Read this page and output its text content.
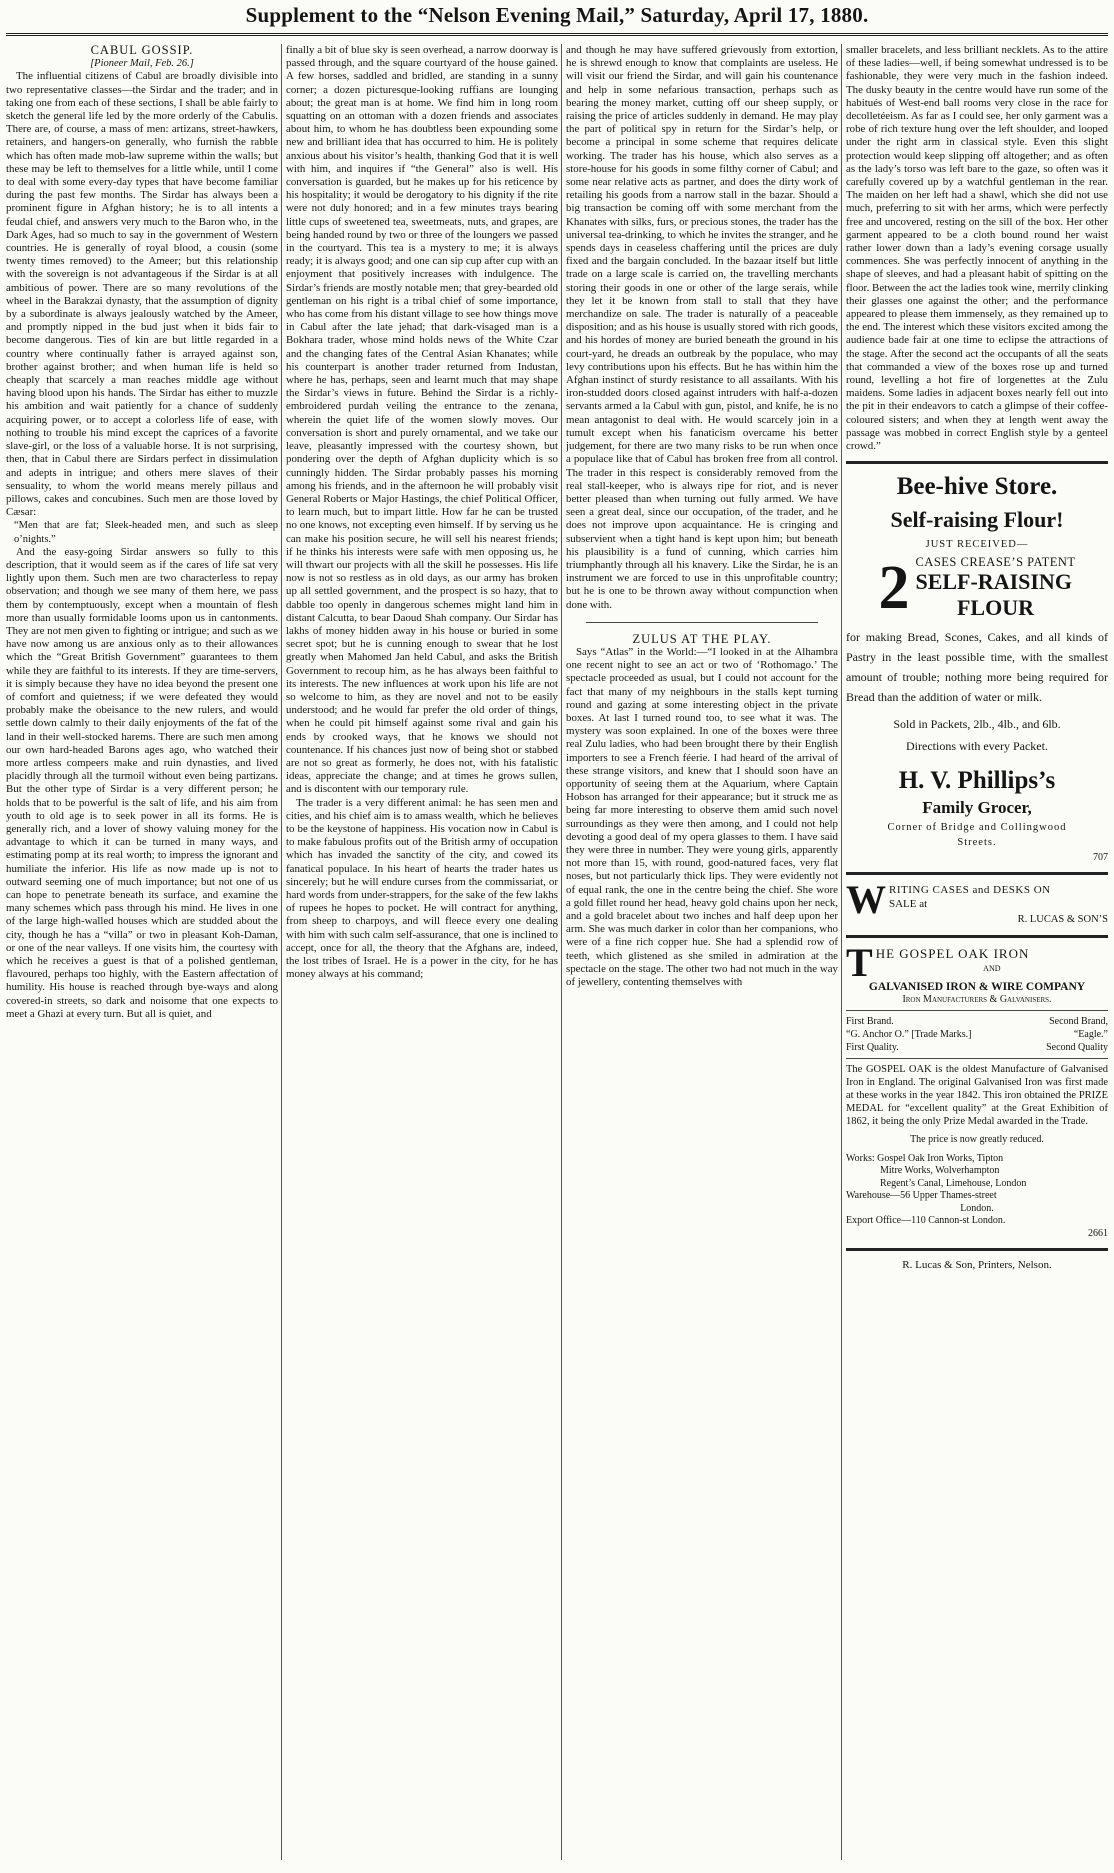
Supplement to the “Nelson Evening Mail,” Saturday, April 17, 1880.

CABUL GOSSIP.

[Pioneer Mail, Feb. 26.]

The influential citizens of Cabul are broadly divisible into two representative classes—the Sirdar and the trader; and in taking one from each of these sections, I shall be able fairly to sketch the general life led by the more orderly of the Cabulis. There are, of course, a mass of men: artizans, street-hawkers, retainers, and hangers-on generally, who furnish the rabble which has often made mob-law supreme within the walls; but these may be left to themselves for a little while, until I come to deal with some every-day types that have become familiar during the past few months. The Sirdar has always been a prominent figure in Afghan history; he is to all intents a feudal chief, and answers very much to the Baron who, in the Dark Ages, had so much to say in the government of Western countries. He is generally of royal blood, a cousin (some twenty times removed) to the Ameer; but this relationship with the sovereign is not advantageous if the Sirdar is at all ambitious of power. There are so many revolutions of the wheel in the Barakzai dynasty, that the assumption of dignity by a subordinate is always jealously watched by the Ameer, and promptly nipped in the bud just when it bids fair to become dangerous. Ties of kin are but little regarded in a country where continually father is arrayed against son, brother against brother; and when human life is held so cheaply that scarcely a man reaches middle age without having blood upon his hands. The Sirdar has either to muzzle his ambition and wait patiently for a chance of suddenly acquiring power, or to accept a colorless life of ease, with nothing to trouble his mind except the caprices of a favorite slave-girl, or the loss of a valuable horse. It is not surprising, then, that in Cabul there are Sirdars perfect in dissimulation and adepts in intrigue; and others mere slaves of their sensuality, to whom the world means merely pillaus and pillows, cakes and concubines. Such men are those loved by Cæsar:

“Men that are fat; Sleek-headed men, and such as sleep o’nights.”

And the easy-going Sirdar answers so fully to this description, that it would seem as if the cares of life sat very lightly upon them. Such men are two characterless to repay observation; and though we see many of them here, we pass them by contemptuously, except when a mountain of flesh more than usually formidable looms upon us in cantonments. They are not men given to fighting or intrigue; and such as we have now among us are anxious only as to their allowances which the “Great British Government” guarantees to them while they are faithful to its interests. If they are time-servers, it is simply because they have no idea beyond the present one of comfort and quietness; if we were defeated they would probably make the obeisance to the new rulers, and would settle down calmly to their daily enjoyments of the fat of the land in their well-stocked harems. There are such men among our own hard-headed Barons ages ago, who watched their more artless compeers make and ruin dynasties, and lived placidly through all the turmoil without even being partizans. But the other type of Sirdar is a very different person; he holds that to be powerful is the salt of life, and his aim from youth to old age is to seek power in all its forms. He is generally rich, and a lover of showy valuing money for the advantage to which it can be turned in many ways, and estimating pomp at its real worth; to impress the ignorant and humiliate the inferior. His life as now made up is not to outward seeming one of much importance; but not one of us can hope to penetrate beneath its surface, and examine the many schemes which pass through his mind. He lives in one of the large high-walled houses which are studded about the city, though he has a “villa” or two in pleasant Koh-Daman, or one of the near valleys. If one visits him, the courtesy with which he receives a guest is that of a polished gentleman, flavoured, perhaps too highly, with the Eastern affectation of humility. His house is reached through bye-ways and along covered-in streets, so dark and noisome that one expects to meet a Ghazi at every turn. But all is quiet, and

finally a bit of blue sky is seen overhead, a narrow doorway is passed through, and the square courtyard of the house gained. A few horses, saddled and bridled, are standing in a sunny corner; a dozen picturesque-looking ruffians are lounging about; the great man is at home. We find him in long room squatting on an ottoman with a dozen friends and associates about him, to whom he has doubtless been expounding some new and brilliant idea that has occurred to him. He is politely anxious about his visitor’s health, thanking God that it is well with him, and inquires if “the General” also is well. His conversation is guarded, but he makes up for his reticence by his hospitality; it would be derogatory to his dignity if the rite were not duly honored; and in a few minutes trays bearing little cups of sweetened tea, sweetmeats, nuts, and grapes, are being handed round by two or three of the loungers we passed in the courtyard. This tea is a mystery to me; it is always ready; it is always good; and one can sip cup after cup with an enjoyment that positively increases with indulgence. The Sirdar’s friends are mostly notable men; that grey-bearded old gentleman on his right is a tribal chief of some importance, who has come from his distant village to see how things move in Cabul after the late jehad; that dark-visaged man is a Bokhara trader, whose mind holds news of the White Czar and the changing fates of the Central Asian Khanates; while his counterpart is another trader returned from Industan, where he has, perhaps, seen and learnt much that may shape the Sirdar’s views in future. Behind the Sirdar is a richly-embroidered purdah veiling the entrance to the zenana, wherein the quiet life of the women slowly moves. Our conversation is short and purely ornamental, and we take our leave, pleasantly impressed with the courtesy shown, but pondering over the depth of Afghan duplicity which is so cunningly hidden. The Sirdar probably passes his morning among his friends, and in the afternoon he will probably visit General Roberts or Major Hastings, the chief Political Officer, to learn much, but to impart little. How far he can be trusted no one knows, not excepting even himself. If by serving us he can make his position secure, he will sell his nearest friends; if he thinks his interests were safe with men opposing us, he will thwart our projects with all the skill he possesses. His life now is not so restless as in old days, as our army has broken up all settled government, and the prospect is so hazy, that to dabble too openly in dangerous schemes might land him in distant Calcutta, to bear Daoud Shah company. Our Sirdar has lakhs of money hidden away in his house or buried in some secret spot; but he is cunning enough to swear that he lost greatly when Mahomed Jan held Cabul, and asks the British Government to recoup him, as he has always been faithful to its interests. The new influences at work upon his life are not so welcome to him, as they are novel and not to be easily understood; and he would far prefer the old order of things, when he could pit himself against some rival and gain his ends by crooked ways, that he knows we should not countenance. If his chances just now of being shot or stabbed are not so great as formerly, he does not, with his fatalistic ideas, appreciate the change; and at times he grows sullen, and is discontent with our temporary rule.

The trader is a very different animal: he has seen men and cities, and his chief aim is to amass wealth, which he believes to be the keystone of happiness. His vocation now in Cabul is to make fabulous profits out of the British army of occupation which has invaded the sanctity of the city, and cowed its fanatical populace. In his heart of hearts the trader hates us sincerely; but he will endure curses from the commissariat, or hard words from under-strappers, for the sake of the few lakhs of rupees he hopes to pocket. He will contract for anything, from sheep to charpoys, and will fleece every one dealing with him with such calm self-assurance, that one is inclined to accept, once for all, the theory that the Afghans are, indeed, the lost tribes of Israel. He is a power in the city, for he has money always at his command;

and though he may have suffered grievously from extortion, he is shrewd enough to know that complaints are useless. He will visit our friend the Sirdar, and will gain his countenance and help in some nefarious transaction, perhaps such as bearing the money market, cutting off our sheep supply, or raising the price of articles suddenly in demand. He may play the part of political spy in return for the Sirdar’s help, or become a principal in some scheme that requires delicate working. The trader has his house, which also serves as a store-house for his goods in some filthy corner of Cabul; and some near relative acts as partner, and does the dirty work of retailing his goods from a narrow stall in the bazar. Should a big transaction be coming off with some merchant from the Khanates with silks, furs, or precious stones, the trader has the universal tea-drinking, to which he invites the stranger, and he spends days in ceaseless chaffering until the prices are duly fixed and the bargain concluded. In the bazaar itself but little trade on a large scale is carried on, the travelling merchants storing their goods in one or other of the large serais, while they let it be known from stall to stall that they have merchandize on sale. The trader is naturally of a peaceable disposition; and as his house is usually stored with rich goods, and his hordes of money are buried beneath the ground in his court-yard, he dreads an outbreak by the populace, who may levy contributions upon his effects. But he has within him the Afghan instinct of sturdy resistance to all assailants. With his iron-studded doors closed against intruders with half-a-dozen servants armed a la Cabul with gun, pistol, and knife, he is no mean antagonist to deal with. He would scarcely join in a tumult except when his fanaticism overcame his better judgement, for there are two many risks to be run when once a populace like that of Cabul has broken free from all control. The trader in this respect is considerably removed from the real stall-keeper, who is always ripe for riot, and is never better pleased than when turning out fully armed. We have seen a great deal, since our occupation, of the trader, and he does not improve upon acquaintance. He is cringing and subservient when a tight hand is kept upon him; but beneath his plausibility is a fund of cunning, which carries him triumphantly through all his knavery. Like the Sirdar, he is an instrument we are forced to use in this unprofitable country; but he is one to be thrown away without compunction when done with.

ZULUS AT THE PLAY.

Says “Atlas” in the World:—“I looked in at the Alhambra one recent night to see an act or two of ‘Rothomago.’ The spectacle proceeded as usual, but I could not account for the fact that many of my neighbours in the stalls kept turning round and gazing at some interesting object in the private boxes. At last I turned round too, to see what it was. The mystery was soon explained. In one of the boxes were three real Zulu ladies, who had been brought there by their English importers to see a French féerie. I had heard of the arrival of these strange visitors, and knew that I should soon have an opportunity of seeing them at the Aquarium, where Captain Hobson has arranged for their appearance; but it struck me as being far more interesting to observe them amid such novel surroundings as they were then among, and I could not help devoting a good deal of my opera glasses to them. I have said they were three in number. They were young girls, apparently not more than 15, with round, good-natured faces, very flat noses, but not particularly thick lips. They were evidently not of equal rank, the one in the centre being the chief. She wore a gold fillet round her head, heavy gold chains upon her neck, and a gold bracelet about two inches and half deep upon her arm. She was much darker in color than her companions, who were of a fine rich copper hue. She had a splendid row of teeth, which glistened as she smiled in admiration at the spectacle on the stage. The other two had not much in the way of jewellery, contenting themselves with

smaller bracelets, and less brilliant necklets. As to the attire of these ladies—well, if being somewhat undressed is to be fashionable, they were very much in the fashion indeed. The dusky beauty in the centre would have run some of the habitués of West-end ball rooms very close in the race for decolletéeism. As far as I could see, her only garment was a robe of rich texture hung over the left shoulder, and looped under the right arm in classical style. Even this slight protection would keep slipping off altogether; and as often as the lady’s torso was left bare to the gaze, so often was it carefully covered up by a watchful gentleman in the rear. The maiden on her left had a shawl, which she did not use much, preferring to sit with her arms, which were perfectly free and uncovered, resting on the sill of the box. Her other garment appeared to be a cloth bound round her waist rather lower down than a lady’s evening corsage usually commences. She was perfectly innocent of anything in the shape of sleeves, and had a pleasant habit of spitting on the floor. Between the act the ladies took wine, merrily clinking their glasses one against the other; and the performance appeared to please them immensely, as they remained up to the end. The interest which these visitors excited among the audience bade fair at one time to eclipse the attractions of the stage. After the second act the occupants of all the seats that commanded a view of the boxes rose up and turned round, levelling a hot fire of lorgenettes at the Zulu maidens. Some ladies in adjacent boxes nearly fell out into the pit in their endeavors to catch a glimpse of their coffee-coloured sisters; and when they at length went away the passage was mobbed in correct English style by a genteel crowd.”

Bee-hive Store.
Self-raising Flour!
JUST RECEIVED—
2 CASES CREASE’S PATENT
SELF-RAISING
FLOUR
for making Bread, Scones, Cakes, and all kinds of Pastry in the least possible time, with the smallest amount of trouble; nothing more being required for Bread than the addition of water or milk.
Sold in Packets, 2lb., 4lb., and 6lb.
Directions with every Packet.
H. V. Phillips’s
Family Grocer,
Corner of Bridge and Collingwood
Streets.
707
W RITING CASES and DESKS ON
SALE at
R. LUCAS & SON’S
T HE GOSPEL OAK IRON
AND
GALVANISED IRON & WIRE COMPANY
Iron Manufacturers & Galvanisers.
First Brand.	Second Brand,
“G. Anchor O.” [Trade Marks.]	“Eagle.”
First Quality.	Second Quality
The GOSPEL OAK is the oldest Manufacture of Galvanised Iron in England. The original Galvanised Iron was first made at these works in the year 1842. This iron obtained the PRIZE MEDAL for “excellent quality” at the Great Exhibition of 1862, it being the only Prize Medal awarded in the Trade.
The price is now greatly reduced.
Works: Gospel Oak Iron Works, Tipton
Mitre Works, Wolverhampton
Regent’s Canal, Limehouse, London
Warehouse—56 Upper Thames-street
London.
Export Office—110 Cannon-st London.
2661
R. Lucas & Son, Printers, Nelson.
